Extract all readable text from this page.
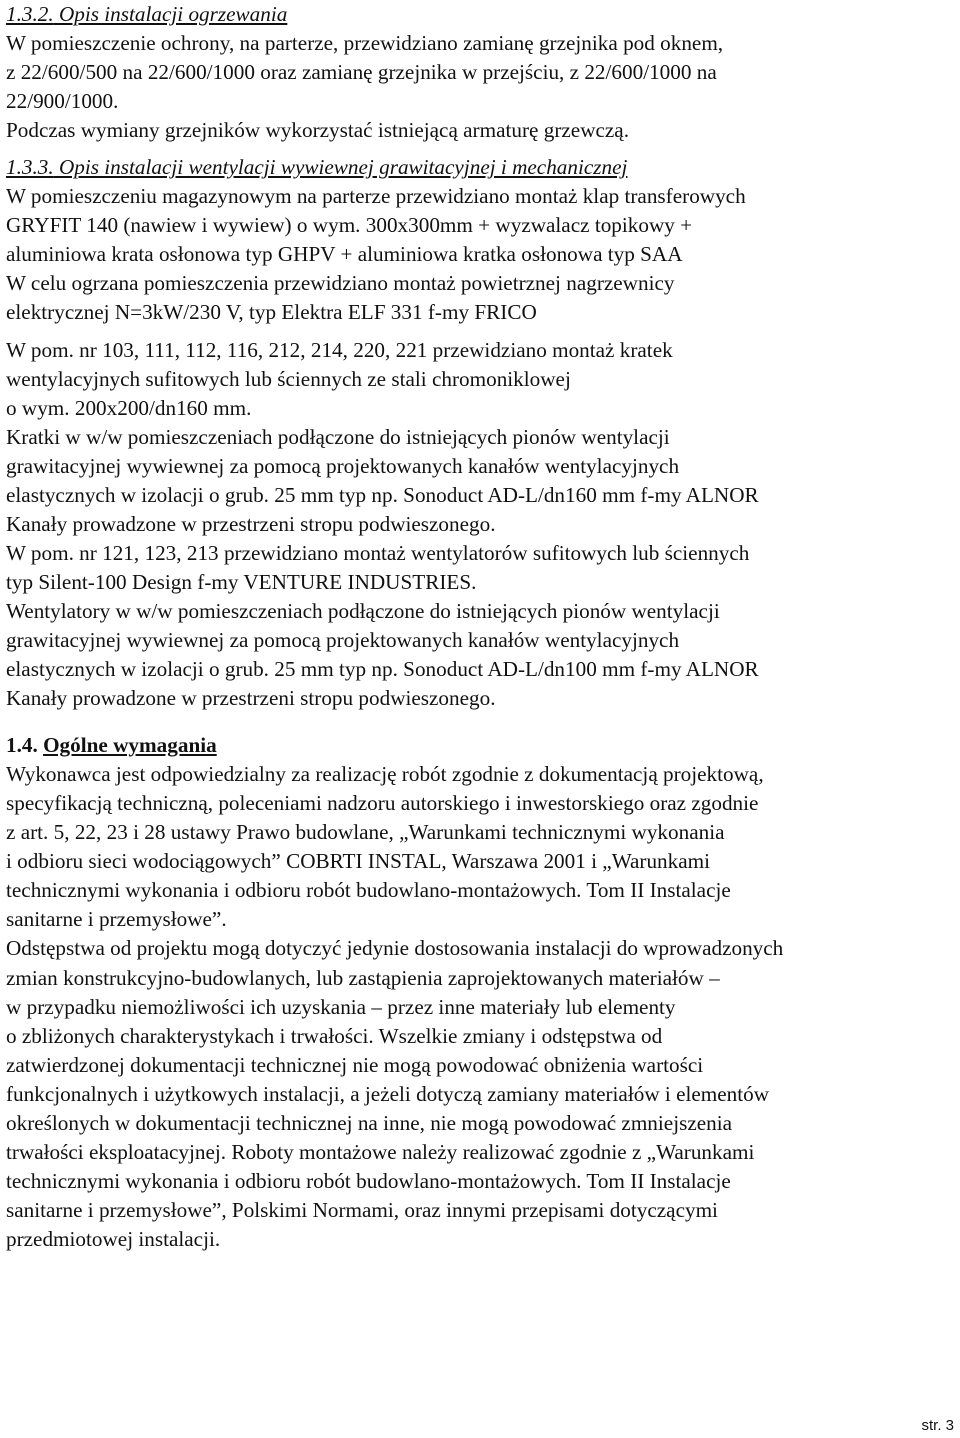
1.3.2. Opis instalacji ogrzewania
W pomieszczenie ochrony, na parterze, przewidziano zamianę grzejnika pod oknem,
z 22/600/500 na 22/600/1000 oraz zamianę grzejnika w przejściu, z 22/600/1000 na
22/900/1000.
Podczas wymiany grzejników wykorzystać istniejącą armaturę grzewczą.
1.3.3. Opis instalacji wentylacji wywiewnej grawitacyjnej i mechanicznej
W pomieszczeniu magazynowym na parterze przewidziano montaż klap transferowych
GRYFIT 140 (nawiew i wywiew) o wym. 300x300mm + wyzwalacz topikowy +
aluminiowa krata osłonowa typ GHPV + aluminiowa kratka osłonowa typ SAA
W celu ogrzana pomieszczenia przewidziano montaż powietrznej nagrzewnicy
elektrycznej N=3kW/230 V, typ Elektra ELF 331 f-my FRICO
W pom. nr 103, 111, 112, 116, 212, 214, 220, 221 przewidziano montaż kratek
wentylacyjnych sufitowych lub ściennych ze stali chromoniklowej
o wym. 200x200/dn160 mm.
Kratki w w/w pomieszczeniach podłączone do istniejących pionów wentylacji
grawitacyjnej wywiewnej za pomocą projektowanych kanałów wentylacyjnych
elastycznych w izolacji o grub. 25 mm typ np. Sonoduct AD-L/dn160 mm f-my ALNOR
Kanały prowadzone w przestrzeni stropu podwieszonego.
W pom. nr 121, 123, 213 przewidziano montaż wentylatorów sufitowych lub ściennych
typ Silent-100 Design f-my VENTURE INDUSTRIES.
Wentylatory w w/w pomieszczeniach podłączone do istniejących pionów wentylacji
grawitacyjnej wywiewnej za pomocą projektowanych kanałów wentylacyjnych
elastycznych w izolacji o grub. 25 mm typ np. Sonoduct AD-L/dn100 mm f-my ALNOR
Kanały prowadzone w przestrzeni stropu podwieszonego.
1.4. Ogólne wymagania
Wykonawca jest odpowiedzialny za realizację robót zgodnie z dokumentacją projektową,
specyfikacją techniczną, poleceniami nadzoru autorskiego i inwestorskiego oraz zgodnie
z art. 5, 22, 23 i 28 ustawy Prawo budowlane, „Warunkami technicznymi wykonania
i odbioru sieci wodociągowych” COBRTI INSTAL, Warszawa 2001 i „Warunkami
technicznymi wykonania i odbioru robót budowlano-montażowych. Tom II Instalacje
sanitarne i przemysłowe”.
Odstępstwa od projektu mogą dotyczyć jedynie dostosowania instalacji do wprowadzonych
zmian konstrukcyjno-budowlanych, lub zastąpienia zaprojektowanych materiałów –
w przypadku niemożliwości ich uzyskania – przez inne materiały lub elementy
o zbliżonych charakterystykach i trwałości. Wszelkie zmiany i odstępstwa od
zatwierdzonej dokumentacji technicznej nie mogą powodować obniżenia wartości
funkcjonalnych i użytkowych instalacji, a jeżeli dotyczą zamiany materiałów i elementów
określonych w dokumentacji technicznej na inne, nie mogą powodować zmniejszenia
trwałości eksploatacyjnej. Roboty montażowe należy realizować zgodnie z „Warunkami
technicznymi wykonania i odbioru robót budowlano-montażowych. Tom II Instalacje
sanitarne i przemysłowe”, Polskimi Normami, oraz innymi przepisami dotyczącymi
przedmiotowej instalacji.
str. 3
